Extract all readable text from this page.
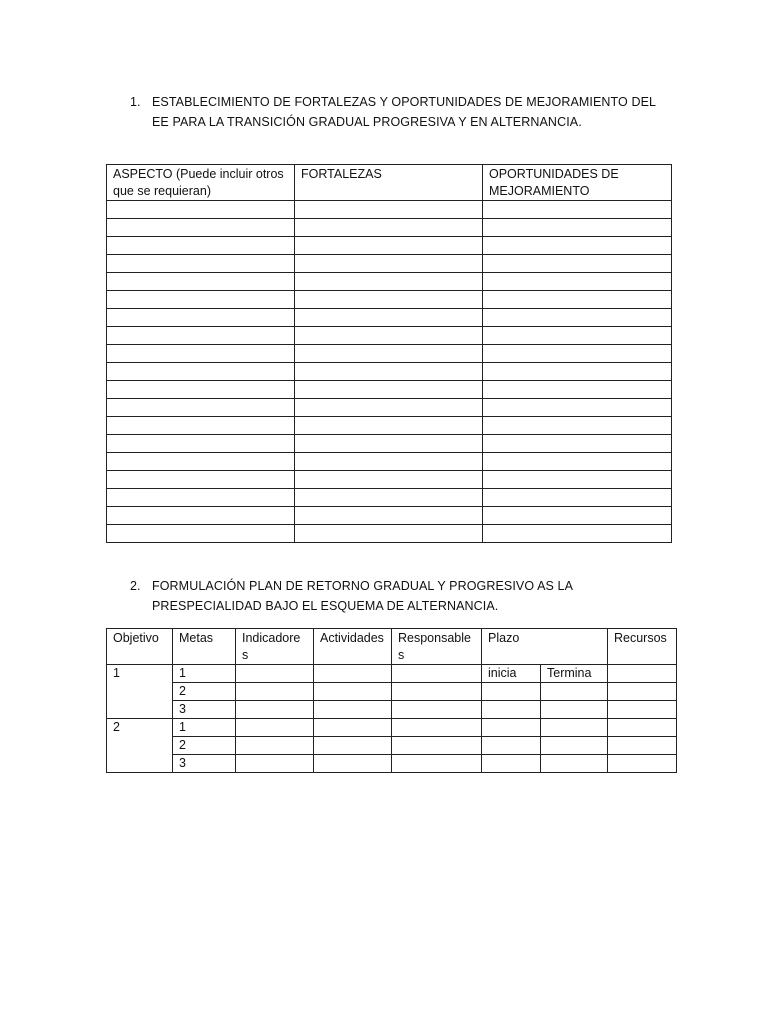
1. ESTABLECIMIENTO DE FORTALEZAS Y OPORTUNIDADES DE MEJORAMIENTO DEL EE PARA LA TRANSICIÓN GRADUAL PROGRESIVA Y EN ALTERNANCIA.
ASPECTO (Puede incluir otros que se requieran)	FORTALEZAS	OPORTUNIDADES DE MEJORAMIENTO

2. FORMULACIÓN PLAN DE RETORNO GRADUAL Y PROGRESIVO AS LA PRESPECIALIDAD BAJO EL ESQUEMA DE ALTERNANCIA.
Objetivo	Metas	Indicadore s	Actividades	Responsable s	Plazo		Recursos
1	1				inicia	Termina	
	2						
	3						
2	1						
	2						
	3						
